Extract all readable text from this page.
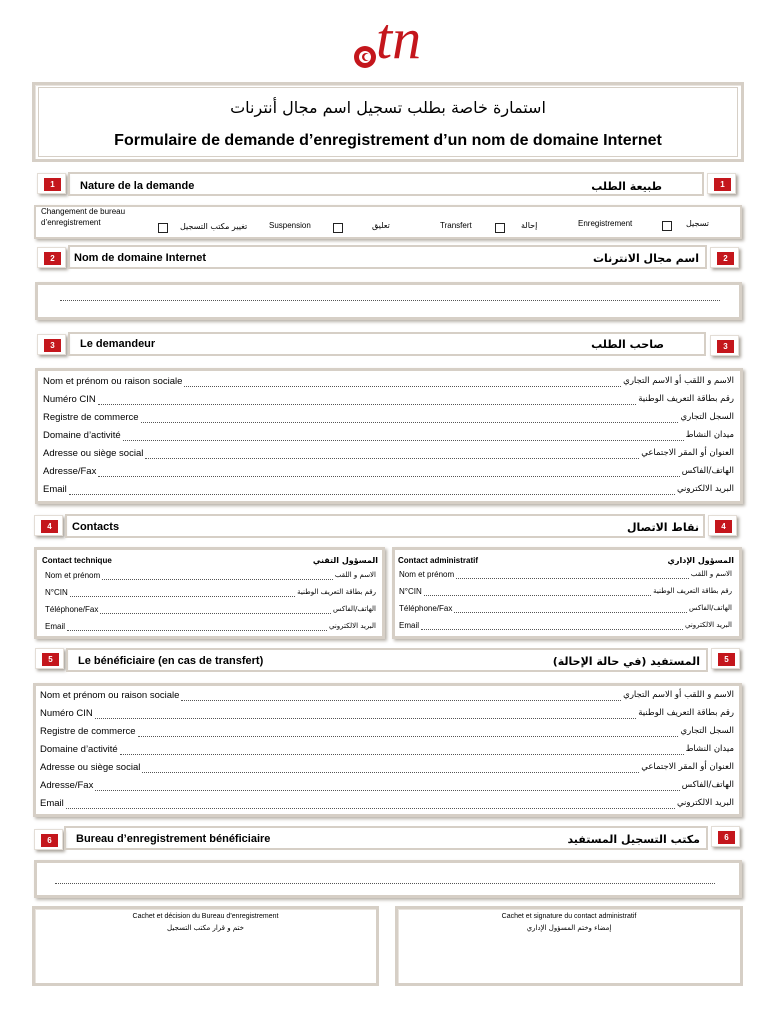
tn
استمارة خاصة بطلب تسجيل اسم مجال أنترنات
Formulaire de demande d’enregistrement d’un nom de domaine Internet
1	1
Nature de la demande	طبيعة الطلب
Changement de bureau d’enregistrement	تغيير مكتب التسجيل	Suspension	تعليق	Transfert	إحالة	Enregistrement	تسجيل
2	2
Nom de domaine Internet	اسم مجال الانترنات
3	3
Le demandeur	صاحب الطلب
4	4
Contacts	نقاط الاتصال
Contact technique	المسؤول التقني	Contact administratif	المسؤول الإداري
5	5
Le bénéficiaire (en cas de transfert)	المستفيد (في حالة الإحالة)
6	6
Bureau d’enregistrement bénéficiaire	مكتب التسجيل المستفيد
Cachet et décision du Bureau d’enregistrement
ختم و قرار مكتب التسجيل
Cachet et signature du contact administratif
إمضاء وختم المسؤول الإداري
Nom et prénom ou raison sociale	الاسم و اللقب أو الاسم التجاري
Numéro CIN	رقم بطاقة التعريف الوطنية
Registre de commerce	السجل التجاري
Domaine d’activité	ميدان النشاط
Adresse ou siège social	العنوان أو المقر الاجتماعي
Adresse/Fax	الهاتف/الفاكس
Email	البريد الالكتروني
Nom et prénom ou raison sociale	الاسم و اللقب أو الاسم التجاري
Numéro CIN	رقم بطاقة التعريف الوطنية
Registre de commerce	السجل التجاري
Domaine d’activité	ميدان النشاط
Adresse ou siège social	العنوان أو المقر الاجتماعي
Adresse/Fax	الهاتف/الفاكس
Email	البريد الالكتروني
Nom et prénom	الاسم و اللقب
N°CIN	رقم بطاقة التعريف الوطنية
Téléphone/Fax	الهاتف/الفاكس
Email	البريد الالكتروني
Nom et prénom	الاسم و اللقب
N°CIN	رقم بطاقة التعريف الوطنية
Téléphone/Fax	الهاتف/الفاكس
Email	البريد الالكتروني
